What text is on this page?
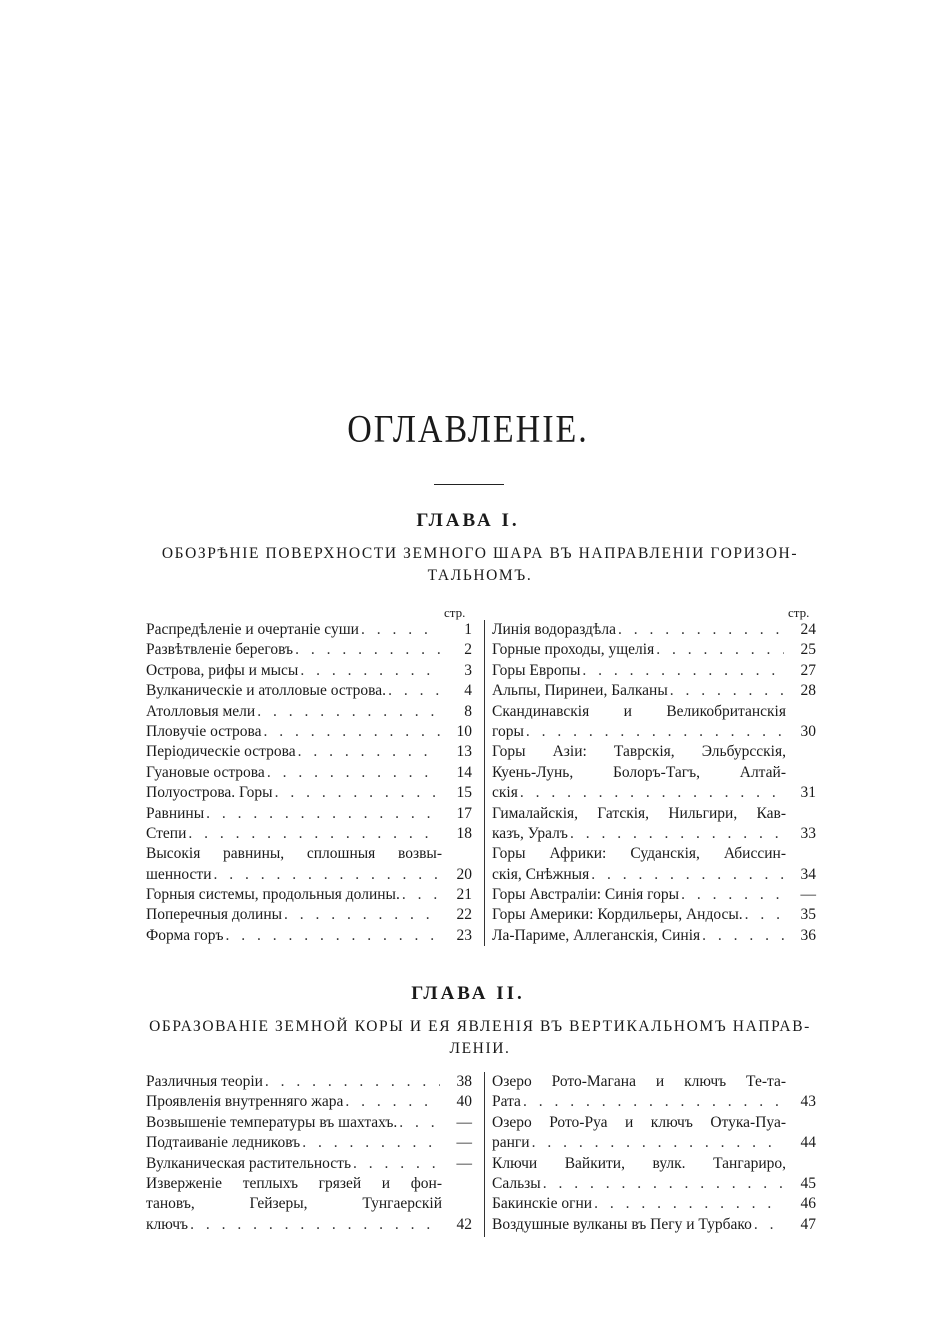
ОГЛАВЛЕНІЕ.
ГЛАВА I.
ОБОЗРѢНІЕ ПОВЕРХНОСТИ ЗЕМНОГО ШАРА ВЪ НАПРАВЛЕНІИ ГОРИЗОН-
ТАЛЬНОМЪ.
стр.	стр.
Распредѣленіе и очертаніе суши . . .	1
Развѣтвленіе береговъ . . .	2
Острова, рифы и мысы . . .	3
Вулканическіе и атолловые острова. . . .	4
Атолловыя мели . . .	8
Пловучіе острова . . .	10
Періодическіе острова . . .	13
Гуановые острова . . .	14
Полуострова. Горы . . .	15
Равнины . . .	17
Степи . . .	18
Высокія равнины, сплошныя возвы-
шенности . . .	20
Горныя системы, продольныя долины. . . .	21
Поперечныя долины . . .	22
Форма горъ . . .	23
Линія водораздѣла . . .	24
Горные проходы, ущелія . . .	25
Горы Европы . . .	27
Альпы, Пиринеи, Балканы . . .	28
Скандинавскія и Великобританскія
горы . . .	30
Горы Азіи: Таврскія, Эльбурсскія,
Куень-Лунь, Болоръ-Тагъ, Алтай-
скія . . .	31
Гималайскія, Гатскія, Нильгири, Кав-
казъ, Уралъ . . .	33
Горы Африки: Суданскія, Абиссин-
скія, Снѣжныя . . .	34
Горы Австраліи: Синія горы . . .	—
Горы Америки: Кордильеры, Андосы. . . .	35
Ла-Париме, Аллеганскія, Синія . . .	36
ГЛАВА II.
ОБРАЗОВАНІЕ ЗЕМНОЙ КОРЫ И ЕЯ ЯВЛЕНІЯ ВЪ ВЕРТИКАЛЬНОМЪ НАПРАВ-
ЛЕНІИ.
Различныя теоріи . . .	38
Проявленія внутренняго жара . . .	40
Возвышеніе температуры въ шахтахъ. . . .	—
Подтаиваніе ледниковъ . . .	—
Вулканическая растительность . . .	—
Изверженіе теплыхъ грязей и фон-
тановъ, Гейзеры, Тунгаерскій
ключъ . . .	42
Озеро Рото-Магана и ключъ Те-та-
Рата . . .	43
Озеро Рото-Руа и ключъ Отука-Пуа-
ранги . . .	44
Ключи Вайкити, вулк. Тангариро,
Сальзы . . .	45
Бакинскіе огни . . .	46
Воздушные вулканы въ Пегу и Турбако . . .	47
